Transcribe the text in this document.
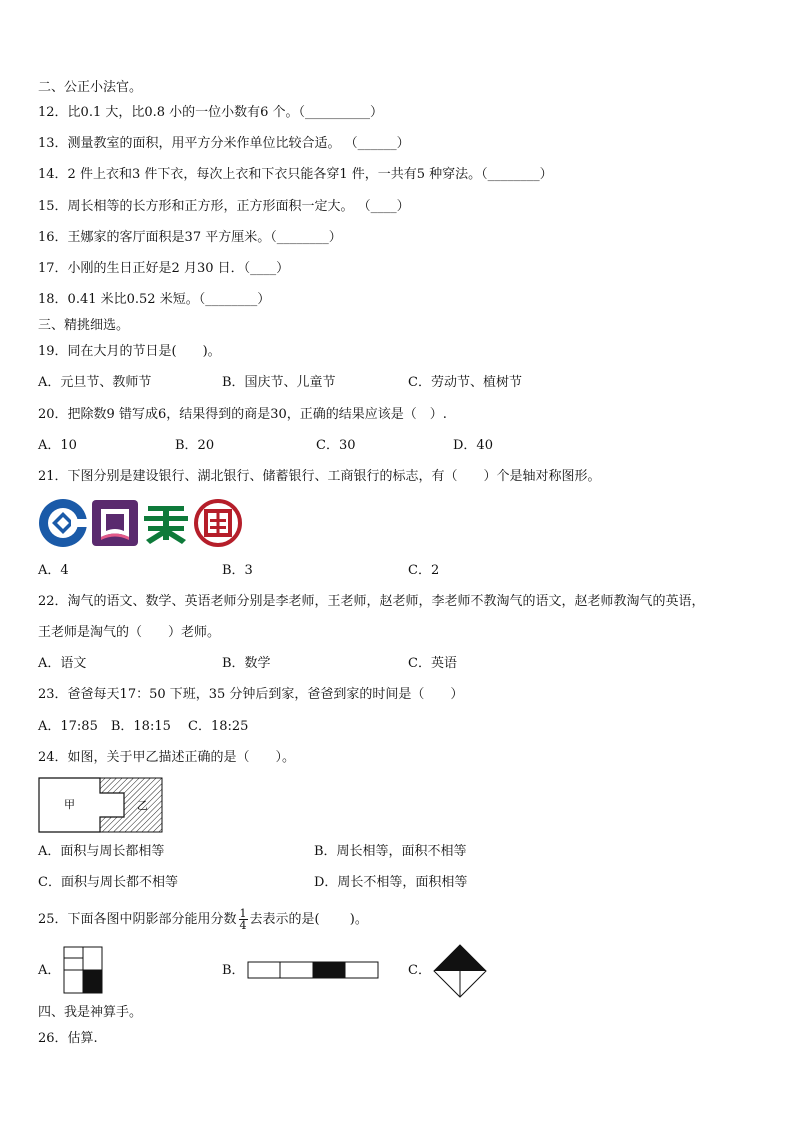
二、公正小法官。
12．比0.1 大，比0.8 小的一位小数有6 个。（__________）
13．测量教室的面积，用平方分米作单位比较合适。 （______）
14．2 件上衣和3 件下衣，每次上衣和下衣只能各穿1 件，一共有5 种穿法。（________）
15．周长相等的长方形和正方形，正方形面积一定大。 （____）
16．王娜家的客厅面积是37 平方厘米。（________）
17．小刚的生日正好是2 月30 日．（____）
18．0.41 米比0.52 米短。（________）
三、精挑细选。
19．同在大月的节日是(　　)。
A．元旦节、教师节	B．国庆节、儿童节	C．劳动节、植树节
20．把除数9 错写成6，结果得到的商是30，正确的结果应该是（　）.
A．10	B．20	C．30	D．40
21．下图分别是建设银行、湖北银行、储蓄银行、工商银行的标志，有（　　）个是轴对称图形。
A．4	B．3	C．2
22．淘气的语文、数学、英语老师分别是李老师，王老师，赵老师，李老师不教淘气的语文，赵老师教淘气的英语，
王老师是淘气的（　　）老师。
A．语文	B．数学	C．英语
23．爸爸每天17：50 下班，35 分钟后到家，爸爸到家的时间是（　　）
A．17:85　B．18:15　 C．18:25
24．如图，关于甲乙描述正确的是（　　）。
甲	乙
A．面积与周长都相等	B．周长相等，面积不相等
C．面积与周长都不相等	D．周长不相等，面积相等
25．下面各图中阴影部分能用分数 $\frac{1}{4}$ 去表示的是(　　 )。
A．	B．	C．
四、我是神算手。
26．估算.
